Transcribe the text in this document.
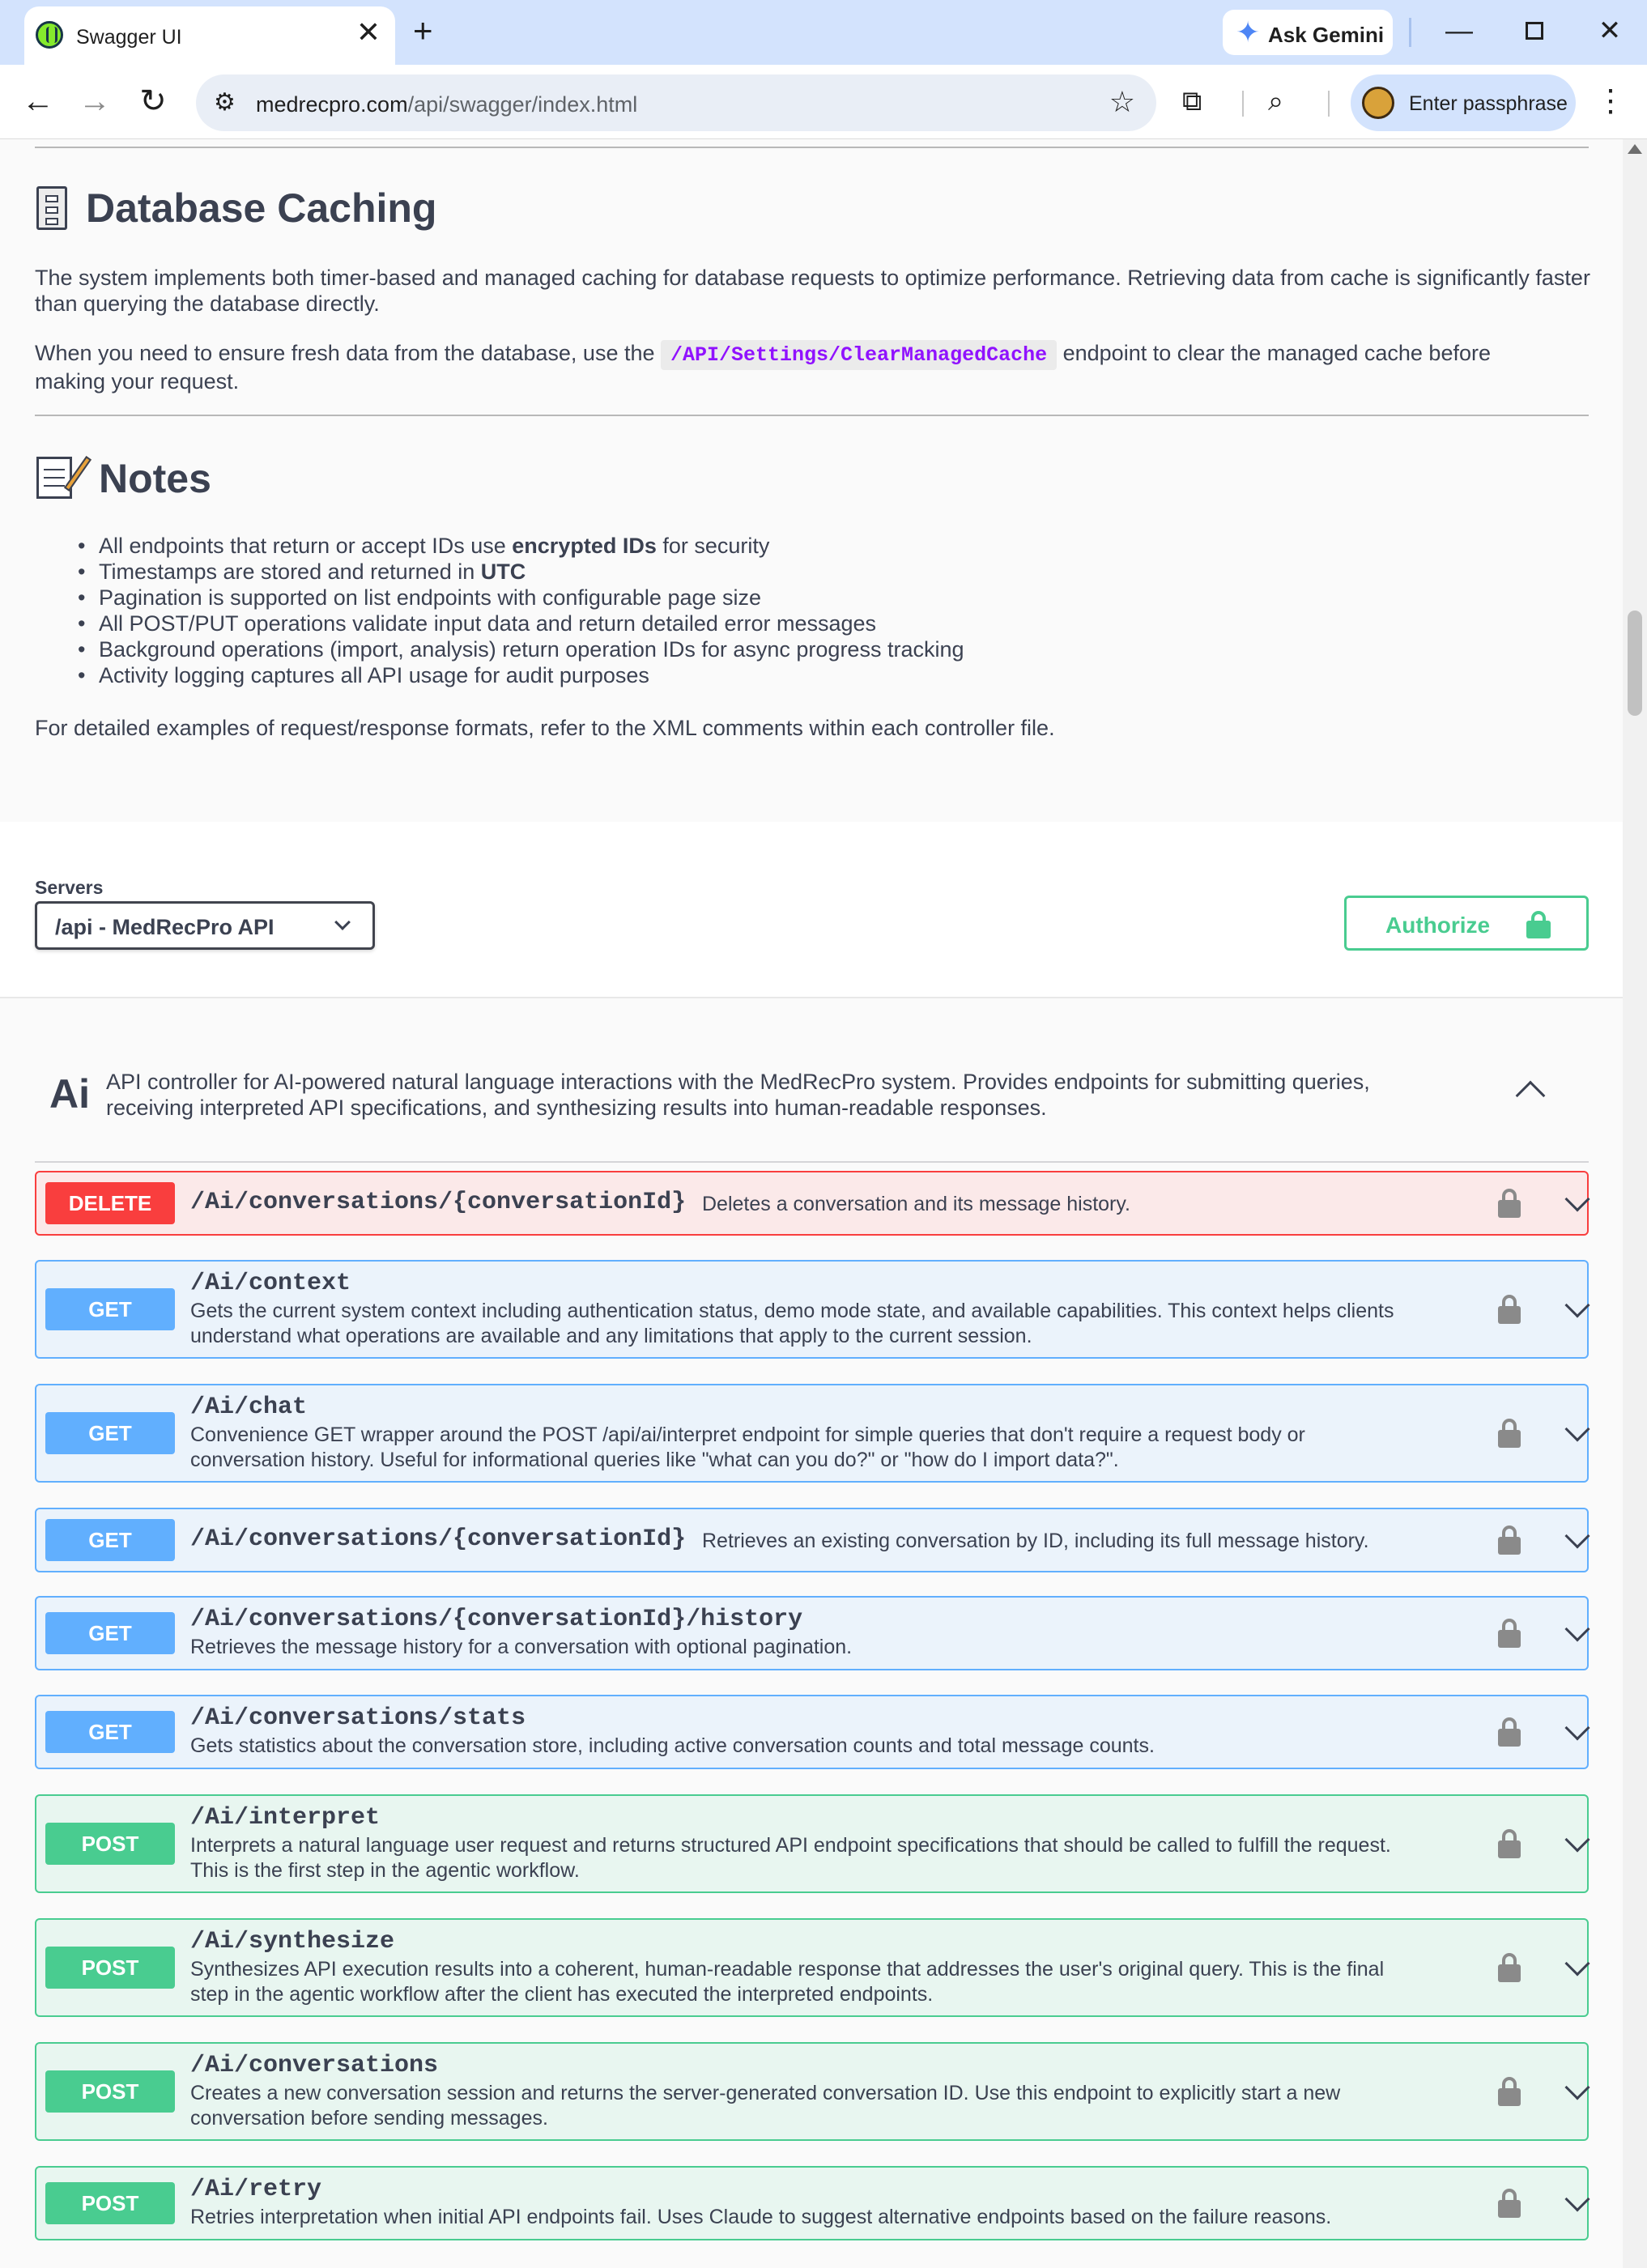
Swagger UI	✕ +	✦ Ask Gemini	—	✕
← → ↻ ⚙ medrecpro.com/api/swagger/index.html	☆ ⧉ ⌕	Enter passphrase ⋮
Database Caching
The system implements both timer-based and managed caching for database requests to optimize performance. Retrieving data from cache is significantly faster than querying the database directly.
When you need to ensure fresh data from the database, use the /API/Settings/ClearManagedCache endpoint to clear the managed cache before
making your request.
Notes
• All endpoints that return or accept IDs use encrypted IDs for security
• Timestamps are stored and returned in UTC
• Pagination is supported on list endpoints with configurable page size
• All POST/PUT operations validate input data and return detailed error messages
• Background operations (import, analysis) return operation IDs for async progress tracking
• Activity logging captures all API usage for audit purposes
For detailed examples of request/response formats, refer to the XML comments within each controller file.
Servers
/api - MedRecPro API	Authorize
Ai API controller for AI-powered natural language interactions with the MedRecPro system. Provides endpoints for submitting queries,
receiving interpreted API specifications, and synthesizing results into human-readable responses.
DELETE	/Ai/conversations/{conversationId} Deletes a conversation and its message history.
GET
/Ai/context
Gets the current system context including authentication status, demo mode state, and available capabilities. This context helps clients
understand what operations are available and any limitations that apply to the current session.
GET
/Ai/chat
Convenience GET wrapper around the POST /api/ai/interpret endpoint for simple queries that don't require a request body or
conversation history. Useful for informational queries like "what can you do?" or "how do I import data?".
GET	/Ai/conversations/{conversationId} Retrieves an existing conversation by ID, including its full message history.
GET	/Ai/conversations/{conversationId}/history
Retrieves the message history for a conversation with optional pagination.
GET	/Ai/conversations/stats
Gets statistics about the conversation store, including active conversation counts and total message counts.
POST
/Ai/interpret
Interprets a natural language user request and returns structured API endpoint specifications that should be called to fulfill the request.
This is the first step in the agentic workflow.
POST
/Ai/synthesize
Synthesizes API execution results into a coherent, human-readable response that addresses the user's original query. This is the final
step in the agentic workflow after the client has executed the interpreted endpoints.
POST
/Ai/conversations
Creates a new conversation session and returns the server-generated conversation ID. Use this endpoint to explicitly start a new
conversation before sending messages.
POST	/Ai/retry
Retries interpretation when initial API endpoints fail. Uses Claude to suggest alternative endpoints based on the failure reasons.
